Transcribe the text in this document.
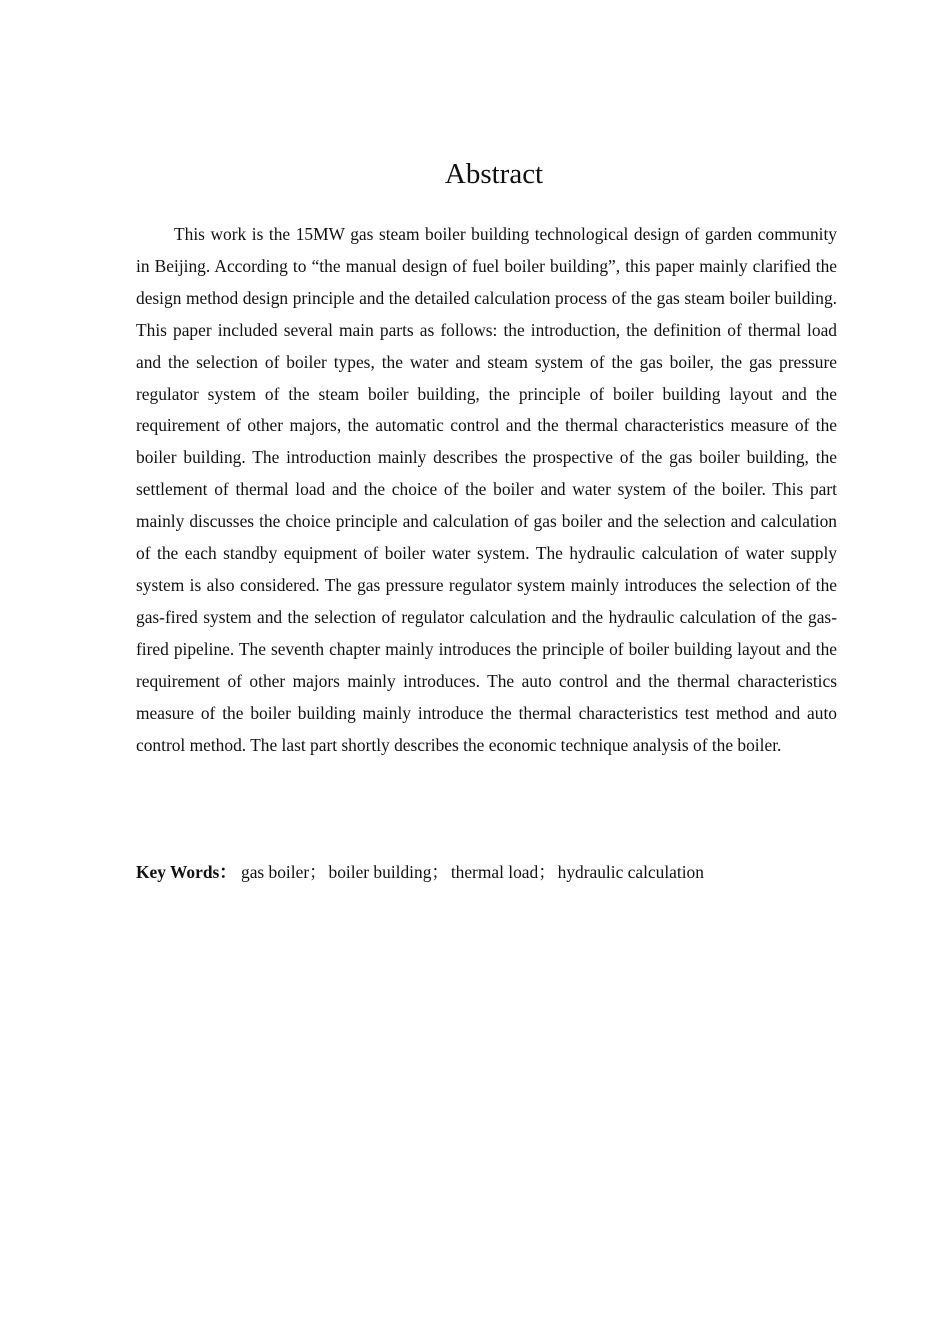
Abstract

This work is the 15MW gas steam boiler building technological design of garden community in Beijing. According to “the manual design of fuel boiler building”, this paper mainly clarified the design method design principle and the detailed calculation process of the gas steam boiler building. This paper included several main parts as follows: the introduction, the definition of thermal load and the selection of boiler types, the water and steam system of the gas boiler, the gas pressure regulator system of the steam boiler building, the principle of boiler building layout and the requirement of other majors, the automatic control and the thermal characteristics measure of the boiler building. The introduction mainly describes the prospective of the gas boiler building, the settlement of thermal load and the choice of the boiler and water system of the boiler. This part mainly discusses the choice principle and calculation of gas boiler and the selection and calculation of the each standby equipment of boiler water system. The hydraulic calculation of water supply system is also considered. The gas pressure regulator system mainly introduces the selection of the gas-fired system and the selection of regulator calculation and the hydraulic calculation of the gas-fired pipeline. The seventh chapter mainly introduces the principle of boiler building layout and the requirement of other majors mainly introduces. The auto control and the thermal characteristics measure of the boiler building mainly introduce the thermal characteristics test method and auto control method. The last part shortly describes the economic technique analysis of the boiler.

Key Words： gas boiler； boiler building； thermal load； hydraulic calculation
